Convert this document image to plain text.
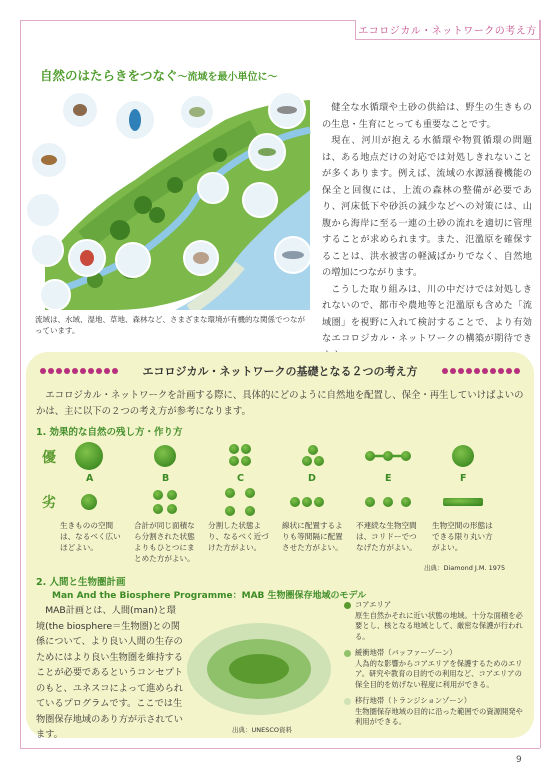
エコロジカル・ネットワークの考え方
自然のはたらきをつなぐ～流域を最小単位に～
流域は、水域、湿地、草地、森林など、さまざまな環境が有機的な関係でつながっています。

健全な水循環や土砂の供給は、野生の生きものの生息・生育にとっても重要なことです。

現在、河川が抱える水循環や物質循環の問題は、ある地点だけの対応では対処しきれないことが多くあります。例えば、流域の水源涵養機能の保全と回復には、上流の森林の整備が必要であり、河床低下や砂浜の減少などへの対策には、山腹から海岸に至る一連の土砂の流れを適切に管理することが求められます。また、氾濫原を確保することは、洪水被害の軽減ばかりでなく、自然地の増加につながります。

こうした取り組みは、川の中だけでは対処しきれないので、都市や農地等と氾濫原も含めた「流域圏」を視野に入れて検討することで、より有効なエコロジカル・ネットワークの構築が期待でき

エコロジカル・ネットワークの基礎となる２つの考え方

エコロジカル・ネットワークを計画する際に、具体的にどのように自然地を配置し、保全・再生していけばよいのかは、主に以下の２つの考え方が参考になります。

1. 効果的な自然の残し方・作り方
優
劣
A	B	C	D	E	F
生きものの空間は、なるべく広いほどよい。
合計が同じ面積なら分割された状態よりもひとつにまとめた方がよい。
分割した状態より、なるべく近づけた方がよい。
線状に配置するよりも等間隔に配置させた方がよい。
不連続な生物空間は、コリドーでつなげた方がよい。
生物空間の形態はできる限り丸い方がよい。
出典：Diamond J.M. 1975
2. 人間と生物圏計画
Man And the Biosphere Programme：MAB 生物圏保存地域のモデル

MAB計画とは、人間(man)と環境(the biosphere＝生物圏)との関係について、より良い人間の生存のためにはより良い生物圏を維持することが必要であるというコンセプトのもと、ユネスコによって進められているプログラムです。ここでは生物圏保存地域のあり方が示されています。	出典：UNESCO資料
コアエリア
原生自然かそれに近い状態の地域。十分な面積を必要とし、核となる地域として、厳密な保護が行われる。
緩衝地帯（バッファーゾーン）
人為的な影響からコアエリアを保護するためのエリア。研究や教育の目的での利用など、コアエリアの保全目的を妨げない程度に利用ができる。
移行地帯（トランジションゾーン）
生物圏保存地域の目的に沿った範囲での資源開発や利用ができる。
9
